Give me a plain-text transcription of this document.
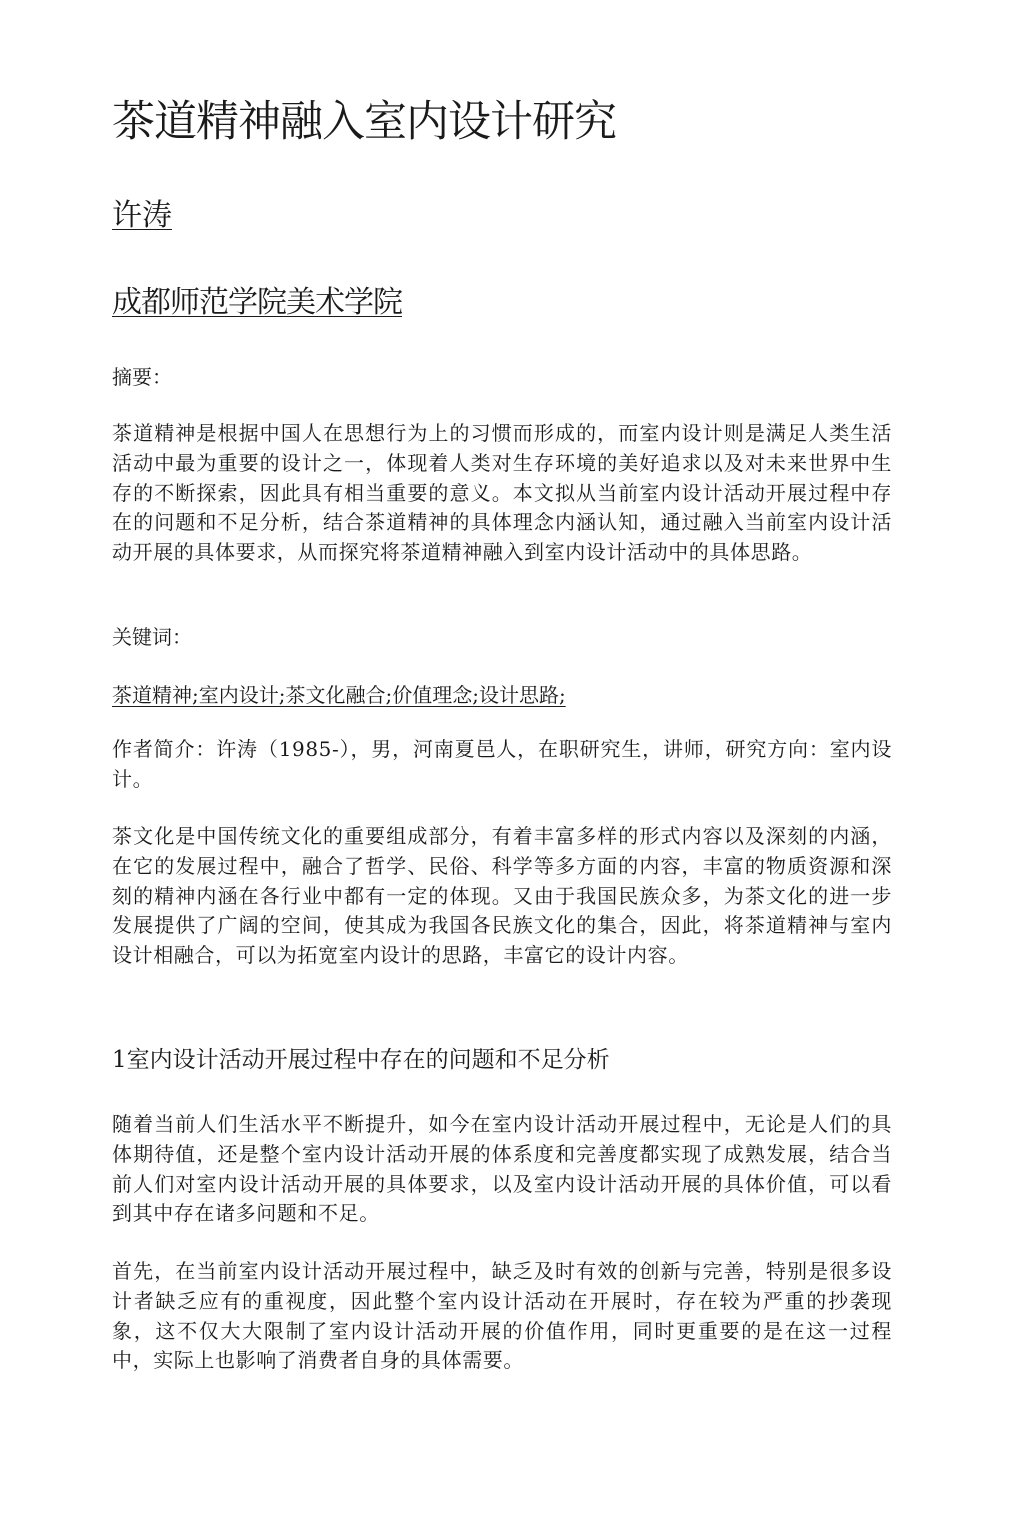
茶道精神融入室内设计研究
许涛
成都师范学院美术学院
摘要：

茶道精神是根据中国人在思想行为上的习惯而形成的，而室内设计则是满足人类生活活动中最为重要的设计之一，体现着人类对生存环境的美好追求以及对未来世界中生存的不断探索，因此具有相当重要的意义。本文拟从当前室内设计活动开展过程中存在的问题和不足分析，结合茶道精神的具体理念内涵认知，通过融入当前室内设计活动开展的具体要求，从而探究将茶道精神融入到室内设计活动中的具体思路。

关键词：
茶道精神;室内设计;茶文化融合;价值理念;设计思路;

作者简介：许涛（1985-），男，河南夏邑人，在职研究生，讲师，研究方向：室内设计。

茶文化是中国传统文化的重要组成部分，有着丰富多样的形式内容以及深刻的内涵，在它的发展过程中，融合了哲学、民俗、科学等多方面的内容，丰富的物质资源和深刻的精神内涵在各行业中都有一定的体现。又由于我国民族众多，为茶文化的进一步发展提供了广阔的空间，使其成为我国各民族文化的集合，因此，将茶道精神与室内设计相融合，可以为拓宽室内设计的思路，丰富它的设计内容。

1室内设计活动开展过程中存在的问题和不足分析

随着当前人们生活水平不断提升，如今在室内设计活动开展过程中，无论是人们的具体期待值，还是整个室内设计活动开展的体系度和完善度都实现了成熟发展，结合当前人们对室内设计活动开展的具体要求，以及室内设计活动开展的具体价值，可以看到其中存在诸多问题和不足。

首先，在当前室内设计活动开展过程中，缺乏及时有效的创新与完善，特别是很多设计者缺乏应有的重视度，因此整个室内设计活动在开展时，存在较为严重的抄袭现象，这不仅大大限制了室内设计活动开展的价值作用，同时更重要的是在这一过程中，实际上也影响了消费者自身的具体需要。
